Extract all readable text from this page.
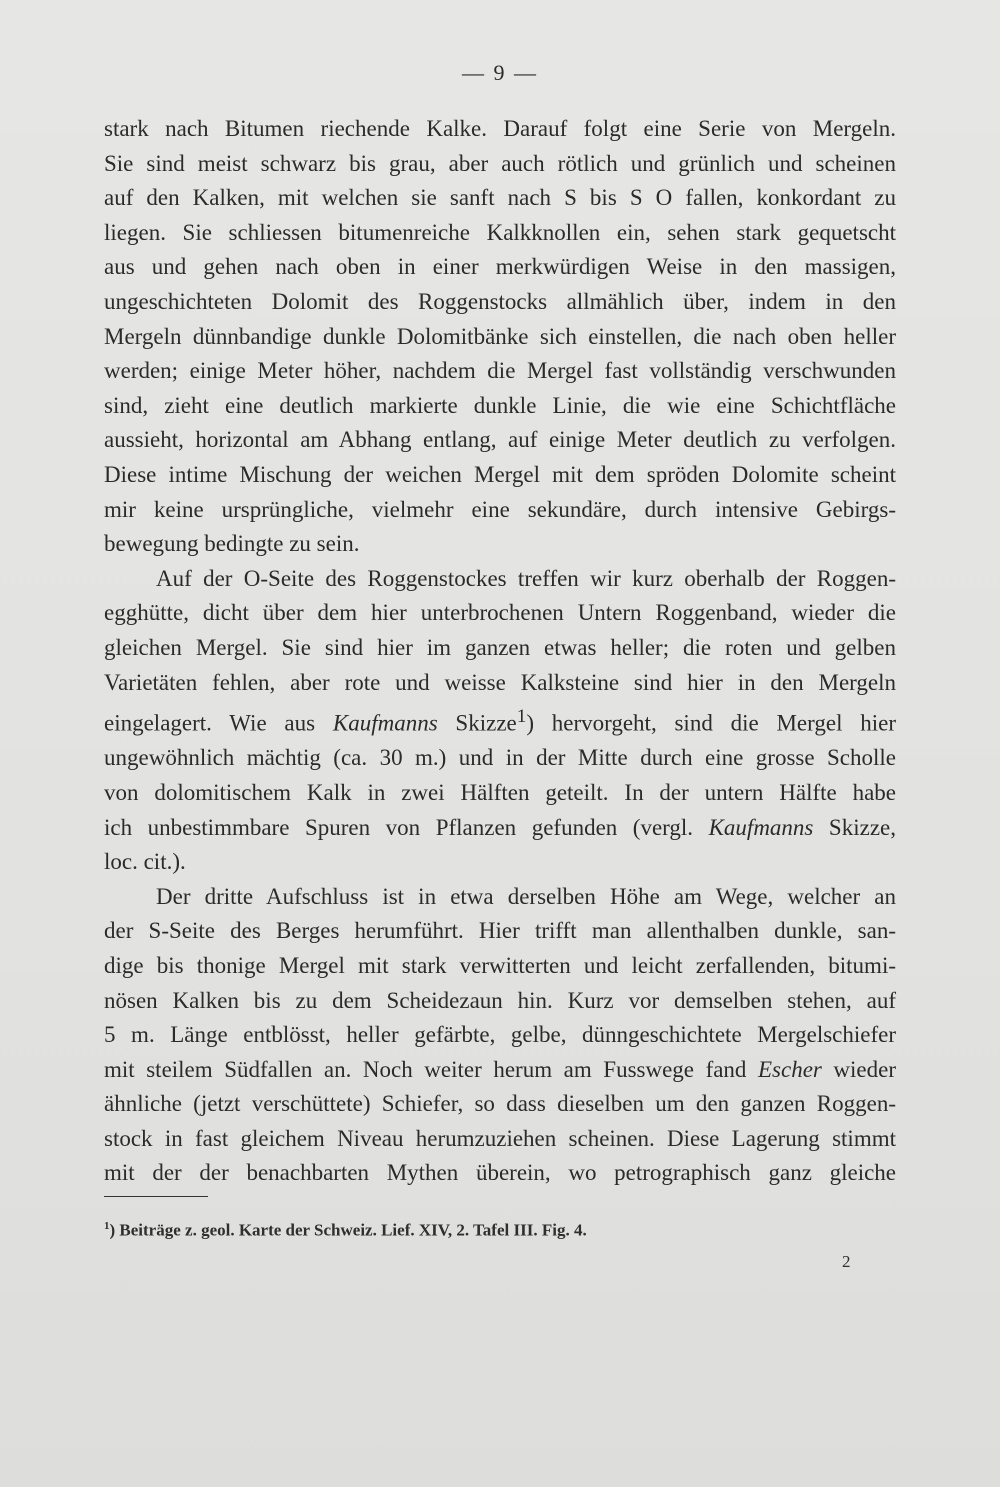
— 9 —

stark nach Bitumen riechende Kalke. Darauf folgt eine Serie von Mergeln.
Sie sind meist schwarz bis grau, aber auch rötlich und grünlich und scheinen
auf den Kalken, mit welchen sie sanft nach S bis S O fallen, konkordant zu
liegen. Sie schliessen bitumenreiche Kalkknollen ein, sehen stark gequetscht
aus und gehen nach oben in einer merkwürdigen Weise in den massigen,
ungeschichteten Dolomit des Roggenstocks allmählich über, indem in den
Mergeln dünnbandige dunkle Dolomitbänke sich einstellen, die nach oben heller
werden; einige Meter höher, nachdem die Mergel fast vollständig verschwunden
sind, zieht eine deutlich markierte dunkle Linie, die wie eine Schichtfläche
aussieht, horizontal am Abhang entlang, auf einige Meter deutlich zu verfolgen.
Diese intime Mischung der weichen Mergel mit dem spröden Dolomite scheint
mir keine ursprüngliche, vielmehr eine sekundäre, durch intensive Gebirgs-
bewegung bedingte zu sein.

Auf der O-Seite des Roggenstockes treffen wir kurz oberhalb der Roggen-
egghütte, dicht über dem hier unterbrochenen Untern Roggenband, wieder die
gleichen Mergel. Sie sind hier im ganzen etwas heller; die roten und gelben
Varietäten fehlen, aber rote und weisse Kalksteine sind hier in den Mergeln
eingelagert. Wie aus Kaufmanns Skizze$^1$) hervorgeht, sind die Mergel hier
ungewöhnlich mächtig (ca. 30 m.) und in der Mitte durch eine grosse Scholle
von dolomitischem Kalk in zwei Hälften geteilt. In der untern Hälfte habe
ich unbestimmbare Spuren von Pflanzen gefunden (vergl. Kaufmanns Skizze,
loc. cit.).

Der dritte Aufschluss ist in etwa derselben Höhe am Wege, welcher an
der S-Seite des Berges herumführt. Hier trifft man allenthalben dunkle, san-
dige bis thonige Mergel mit stark verwitterten und leicht zerfallenden, bitumi-
nösen Kalken bis zu dem Scheidezaun hin. Kurz vor demselben stehen, auf
5 m. Länge entblösst, heller gefärbte, gelbe, dünngeschichtete Mergelschiefer
mit steilem Südfallen an. Noch weiter herum am Fusswege fand Escher wieder
ähnliche (jetzt verschüttete) Schiefer, so dass dieselben um den ganzen Roggen-
stock in fast gleichem Niveau herumzuziehen scheinen. Diese Lagerung stimmt
mit der der benachbarten Mythen überein, wo petrographisch ganz gleiche

$^1$) Beiträge z. geol. Karte der Schweiz. Lief. XIV, 2. Tafel III. Fig. 4.
2
